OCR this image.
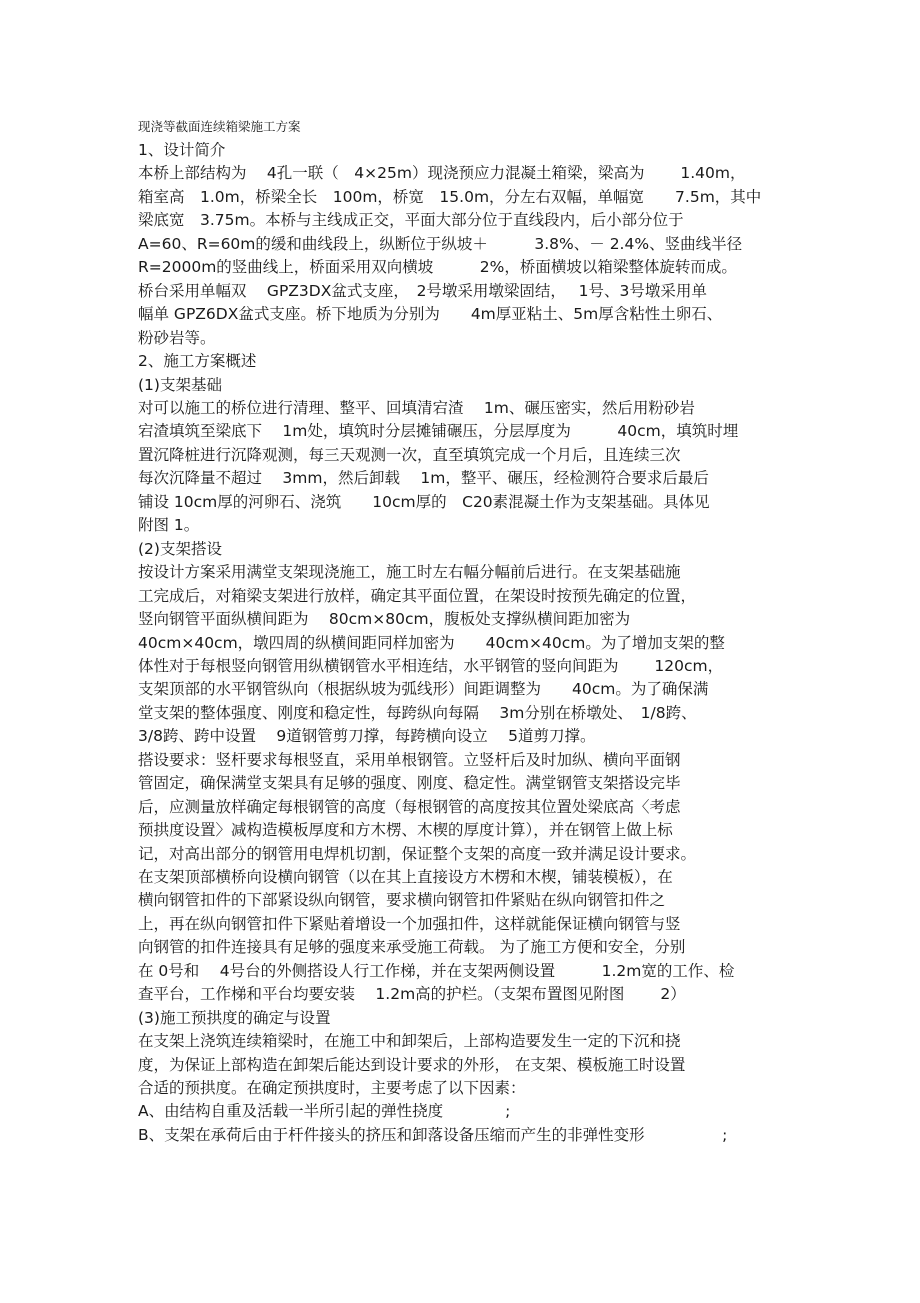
现浇等截面连续箱梁施工方案
1、设计简介
本桥上部结构为　 4孔一联（　4×25m）现浇预应力混凝土箱梁，梁高为　　 1.40m，
箱室高　1.0m，桥梁全长　100m，桥宽　15.0m，分左右双幅，单幅宽　　7.5m，其中
梁底宽　3.75m。本桥与主线成正交，平面大部分位于直线段内，后小部分位于
A=60、R=60m的缓和曲线段上，纵断位于纵坡＋　　　3.8%、－ 2.4%、竖曲线半径
R=2000m的竖曲线上，桥面采用双向横坡　　　2%，桥面横坡以箱梁整体旋转而成。
桥台采用单幅双　 GPZ3DX盆式支座，　2号墩采用墩梁固结，　 1号、3号墩采用单
幅单 GPZ6DX盆式支座。桥下地质为分别为　　4m厚亚粘土、5m厚含粘性土卵石、
粉砂岩等。
2、施工方案概述
(1)支架基础
对可以施工的桥位进行清理、整平、回填清宕渣　 1m、碾压密实，然后用粉砂岩
宕渣填筑至梁底下　 1m处，填筑时分层摊铺碾压，分层厚度为　　　40cm，填筑时埋
置沉降桩进行沉降观测，每三天观测一次，直至填筑完成一个月后，且连续三次
每次沉降量不超过　 3mm，然后卸载　 1m，整平、碾压，经检测符合要求后最后
铺设 10cm厚的河卵石、浇筑　　10cm厚的　C20素混凝土作为支架基础。具体见
附图 1。
(2)支架搭设
按设计方案采用满堂支架现浇施工，施工时左右幅分幅前后进行。在支架基础施
工完成后，对箱梁支架进行放样，确定其平面位置，在架设时按预先确定的位置，
竖向钢管平面纵横间距为　 80cm×80cm，腹板处支撑纵横间距加密为
40cm×40cm，墩四周的纵横间距同样加密为　　40cm×40cm。为了增加支架的整
体性对于每根竖向钢管用纵横钢管水平相连结，水平钢管的竖向间距为　　 120cm，
支架顶部的水平钢管纵向（根据纵坡为弧线形）间距调整为　　40cm。为了确保满
堂支架的整体强度、刚度和稳定性，每跨纵向每隔　 3m分别在桥墩处、　1/8跨、
3/8跨、跨中设置　 9道钢管剪刀撑，每跨横向设立　 5道剪刀撑。
搭设要求：竖杆要求每根竖直，采用单根钢管。立竖杆后及时加纵、横向平面钢
管固定，确保满堂支架具有足够的强度、刚度、稳定性。满堂钢管支架搭设完毕
后，应测量放样确定每根钢管的高度（每根钢管的高度按其位置处梁底高〈考虑
预拱度设置〉减构造模板厚度和方木楞、木楔的厚度计算），并在钢管上做上标
记，对高出部分的钢管用电焊机切割，保证整个支架的高度一致并满足设计要求。
在支架顶部横桥向设横向钢管（以在其上直接设方木楞和木楔，铺装模板），在
横向钢管扣件的下部紧设纵向钢管，要求横向钢管扣件紧贴在纵向钢管扣件之
上，再在纵向钢管扣件下紧贴着增设一个加强扣件，这样就能保证横向钢管与竖
向钢管的扣件连接具有足够的强度来承受施工荷载。 为了施工方便和安全，分别
在 0号和　 4号台的外侧搭设人行工作梯，并在支架两侧设置　　　1.2m宽的工作、检
查平台，工作梯和平台均要安装　 1.2m高的护栏。（支架布置图见附图　　 2）
(3)施工预拱度的确定与设置
在支架上浇筑连续箱梁时，在施工中和卸架后，上部构造要发生一定的下沉和挠
度，为保证上部构造在卸架后能达到设计要求的外形， 在支架、模板施工时设置
合适的预拱度。在确定预拱度时，主要考虑了以下因素：
A、由结构自重及活载一半所引起的弹性挠度　　　　;
B、支架在承荷后由于杆件接头的挤压和卸落设备压缩而产生的非弹性变形　　　　　;
